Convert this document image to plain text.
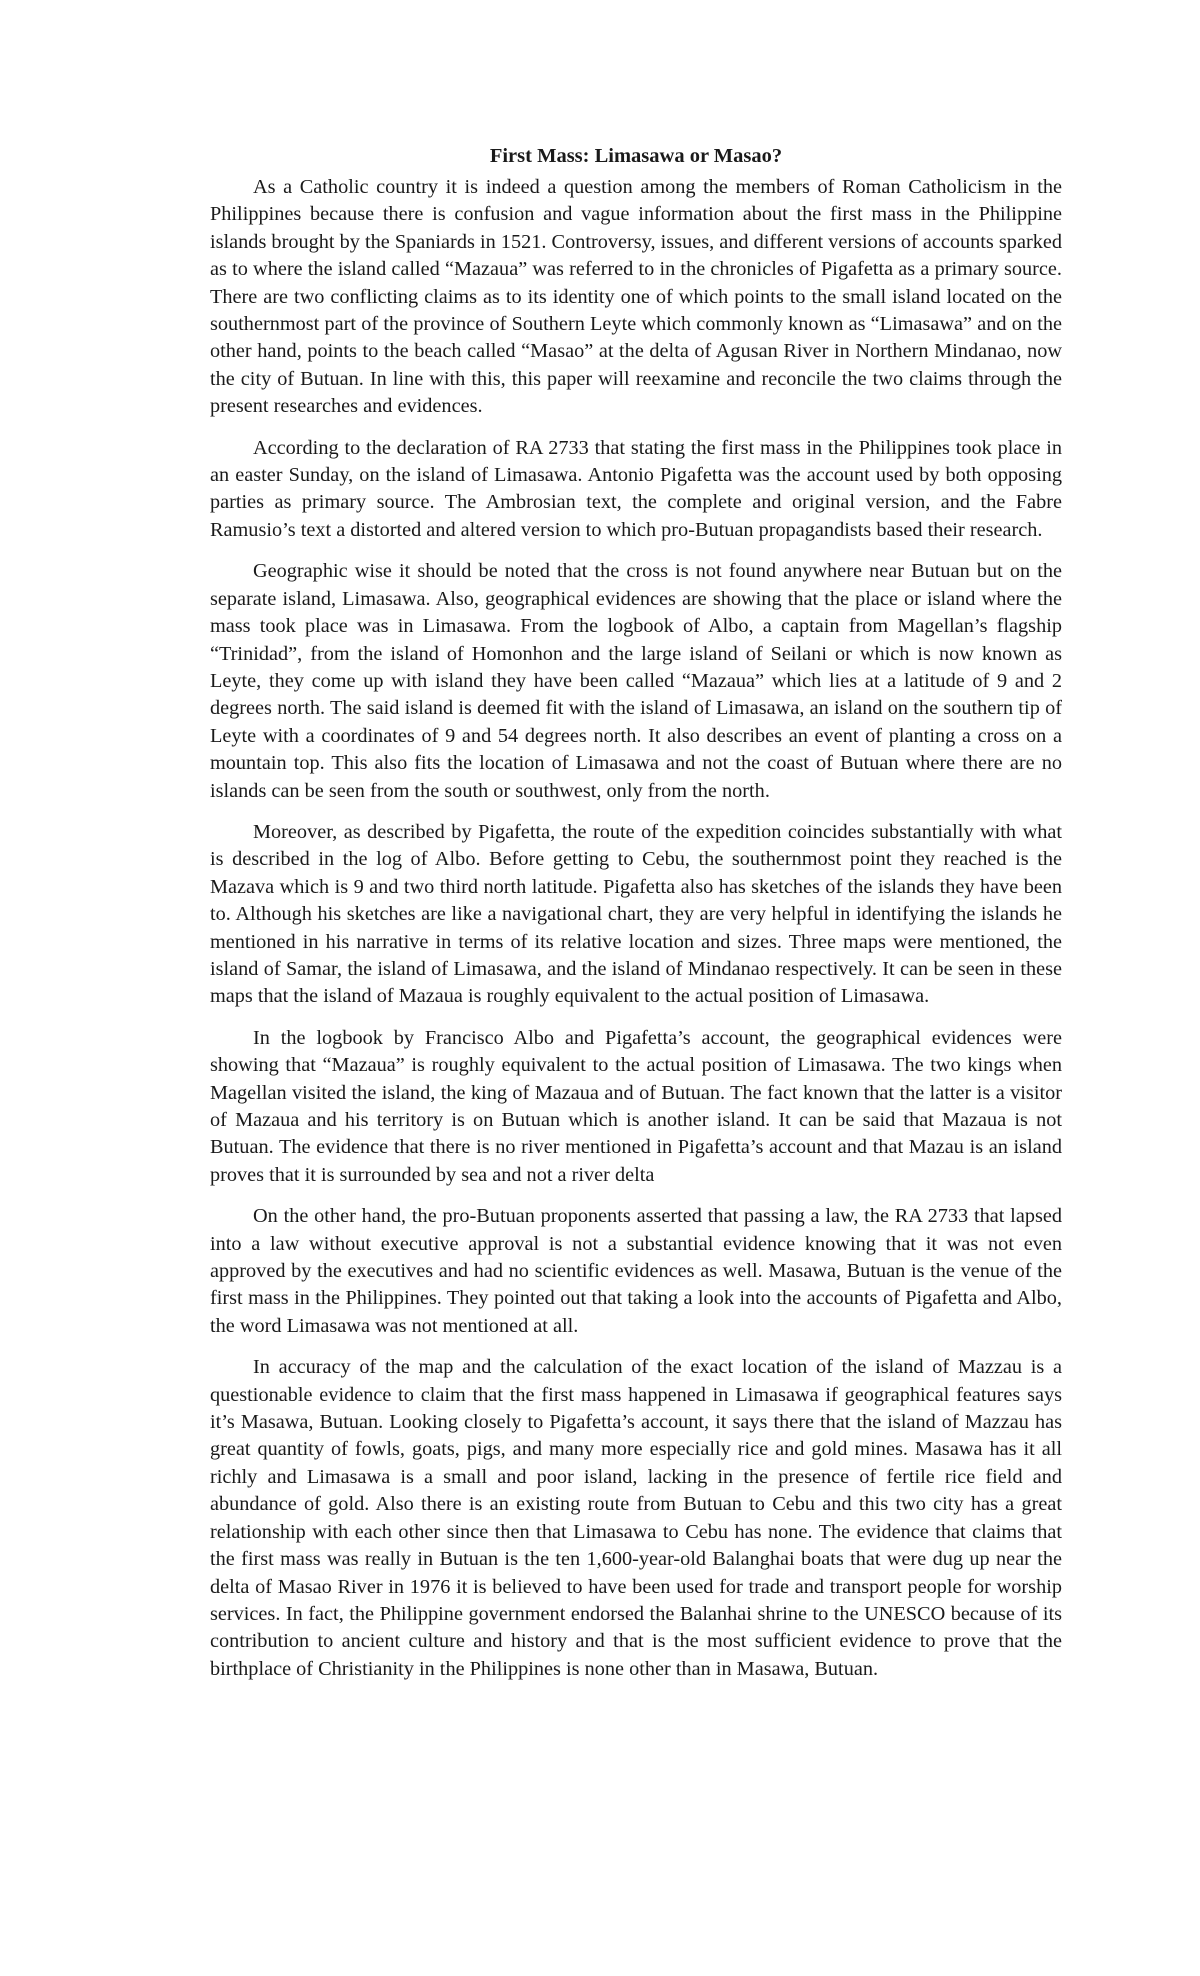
First Mass: Limasawa or Masao?

As a Catholic country it is indeed a question among the members of Roman Catholicism in the Philippines because there is confusion and vague information about the first mass in the Philippine islands brought by the Spaniards in 1521. Controversy, issues, and different versions of accounts sparked as to where the island called “Mazaua” was referred to in the chronicles of Pigafetta as a primary source. There are two conflicting claims as to its identity one of which points to the small island located on the southernmost part of the province of Southern Leyte which commonly known as “Limasawa” and on the other hand, points to the beach called “Masao” at the delta of Agusan River in Northern Mindanao, now the city of Butuan. In line with this, this paper will reexamine and reconcile the two claims through the present researches and evidences.

According to the declaration of RA 2733 that stating the first mass in the Philippines took place in an easter Sunday, on the island of Limasawa. Antonio Pigafetta was the account used by both opposing parties as primary source. The Ambrosian text, the complete and original version, and the Fabre Ramusio’s text a distorted and altered version to which pro-Butuan propagandists based their research.

Geographic wise it should be noted that the cross is not found anywhere near Butuan but on the separate island, Limasawa. Also, geographical evidences are showing that the place or island where the mass took place was in Limasawa. From the logbook of Albo, a captain from Magellan’s flagship “Trinidad”, from the island of Homonhon and the large island of Seilani or which is now known as Leyte, they come up with island they have been called “Mazaua” which lies at a latitude of 9 and 2 degrees north. The said island is deemed fit with the island of Limasawa, an island on the southern tip of Leyte with a coordinates of 9 and 54 degrees north. It also describes an event of planting a cross on a mountain top. This also fits the location of Limasawa and not the coast of Butuan where there are no islands can be seen from the south or southwest, only from the north.

Moreover, as described by Pigafetta, the route of the expedition coincides substantially with what is described in the log of Albo. Before getting to Cebu, the southernmost point they reached is the Mazava which is 9 and two third north latitude. Pigafetta also has sketches of the islands they have been to. Although his sketches are like a navigational chart, they are very helpful in identifying the islands he mentioned in his narrative in terms of its relative location and sizes. Three maps were mentioned, the island of Samar, the island of Limasawa, and the island of Mindanao respectively. It can be seen in these maps that the island of Mazaua is roughly equivalent to the actual position of Limasawa.

In the logbook by Francisco Albo and Pigafetta’s account, the geographical evidences were showing that “Mazaua” is roughly equivalent to the actual position of Limasawa. The two kings when Magellan visited the island, the king of Mazaua and of Butuan. The fact known that the latter is a visitor of Mazaua and his territory is on Butuan which is another island. It can be said that Mazaua is not Butuan. The evidence that there is no river mentioned in Pigafetta’s account and that Mazau is an island proves that it is surrounded by sea and not a river delta

On the other hand, the pro-Butuan proponents asserted that passing a law, the RA 2733 that lapsed into a law without executive approval is not a substantial evidence knowing that it was not even approved by the executives and had no scientific evidences as well. Masawa, Butuan is the venue of the first mass in the Philippines. They pointed out that taking a look into the accounts of Pigafetta and Albo, the word Limasawa was not mentioned at all.

In accuracy of the map and the calculation of the exact location of the island of Mazzau is a questionable evidence to claim that the first mass happened in Limasawa if geographical features says it’s Masawa, Butuan. Looking closely to Pigafetta’s account, it says there that the island of Mazzau has great quantity of fowls, goats, pigs, and many more especially rice and gold mines. Masawa has it all richly and Limasawa is a small and poor island, lacking in the presence of fertile rice field and abundance of gold. Also there is an existing route from Butuan to Cebu and this two city has a great relationship with each other since then that Limasawa to Cebu has none. The evidence that claims that the first mass was really in Butuan is the ten 1,600-year-old Balanghai boats that were dug up near the delta of Masao River in 1976 it is believed to have been used for trade and transport people for worship services. In fact, the Philippine government endorsed the Balanhai shrine to the UNESCO because of its contribution to ancient culture and history and that is the most sufficient evidence to prove that the birthplace of Christianity in the Philippines is none other than in Masawa, Butuan.
